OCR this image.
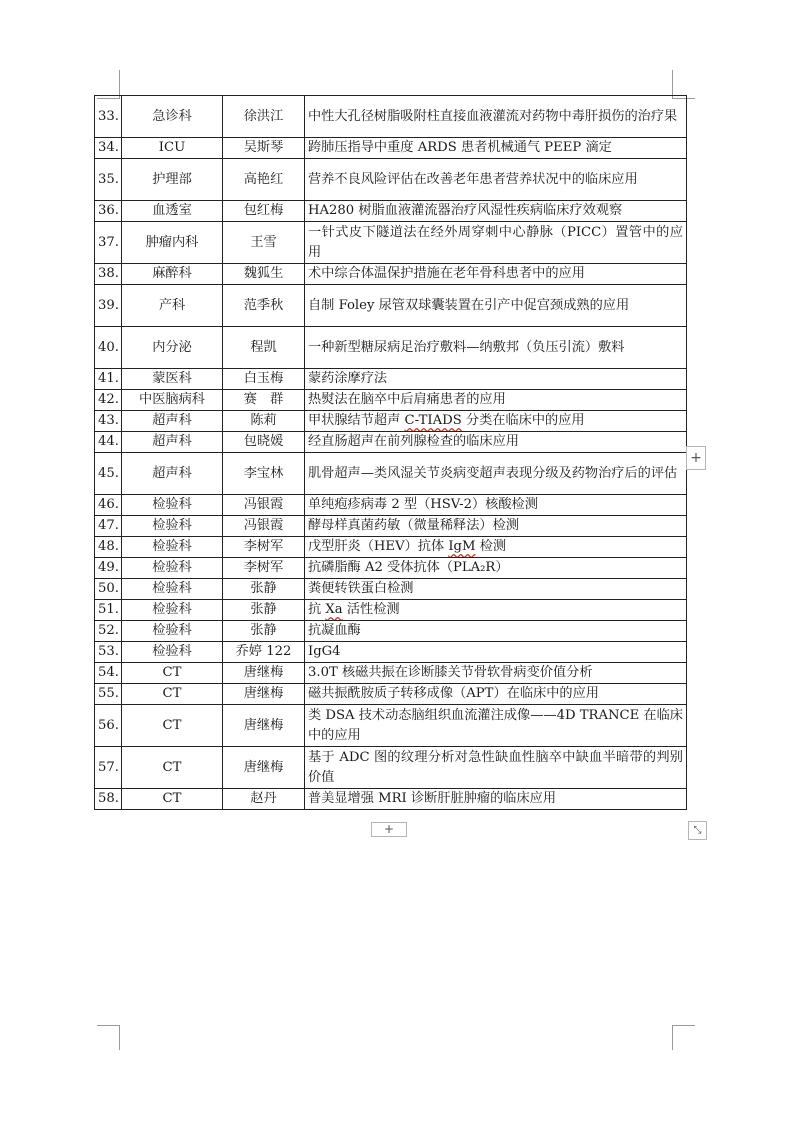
33.	急诊科	徐洪江	中性大孔径树脂吸附柱直接血液灌流对药物中毒肝损伤的治疗果
34.	ICU	吴斯琴	跨肺压指导中重度 ARDS 患者机械通气 PEEP 滴定
35.	护理部	高艳红	营养不良风险评估在改善老年患者营养状况中的临床应用
36.	血透室	包红梅	HA280 树脂血液灌流器治疗风湿性疾病临床疗效观察
37.	肿瘤内科	王雪	一针式皮下隧道法在经外周穿刺中心静脉（PICC）置管中的应用
38.	麻醉科	魏狐生	术中综合体温保护措施在老年骨科患者中的应用
39.	产科	范季秋	自制 Foley 尿管双球囊装置在引产中促宫颈成熟的应用
40.	内分泌	程凯	一种新型糖尿病足治疗敷料—纳敷邦（负压引流）敷料
41.	蒙医科	白玉梅	蒙药涂摩疗法
42.	中医脑病科	赛　群	热熨法在脑卒中后肩痛患者的应用
43.	超声科	陈莉	甲状腺结节超声 C-TIADS 分类在临床中的应用
44.	超声科	包晓媛	经直肠超声在前列腺检查的临床应用
45.	超声科	李宝林	肌骨超声—类风湿关节炎病变超声表现分级及药物治疗后的评估
46.	检验科	冯银霞	单纯疱疹病毒 2 型（HSV-2）核酸检测
47.	检验科	冯银霞	酵母样真菌药敏（微量稀释法）检测
48.	检验科	李树军	戊型肝炎（HEV）抗体 IgM 检测
49.	检验科	李树军	抗磷脂酶 A2 受体抗体（PLA₂R）
50.	检验科	张静	粪便转铁蛋白检测
51.	检验科	张静	抗 Xa 活性检测
52.	检验科	张静	抗凝血酶
53.	检验科	乔婷 122	IgG4
54.	CT	唐继梅	3.0T 核磁共振在诊断膝关节骨软骨病变价值分析
55.	CT	唐继梅	磁共振酰胺质子转移成像（APT）在临床中的应用
56.	CT	唐继梅	类 DSA 技术动态脑组织血流灌注成像——4D TRANCE 在临床中的应用
57.	CT	唐继梅	基于 ADC 图的纹理分析对急性缺血性脑卒中缺血半暗带的判别价值
58.	CT	赵丹	普美显增强 MRI 诊断肝脏肿瘤的临床应用
+
+	⤡
